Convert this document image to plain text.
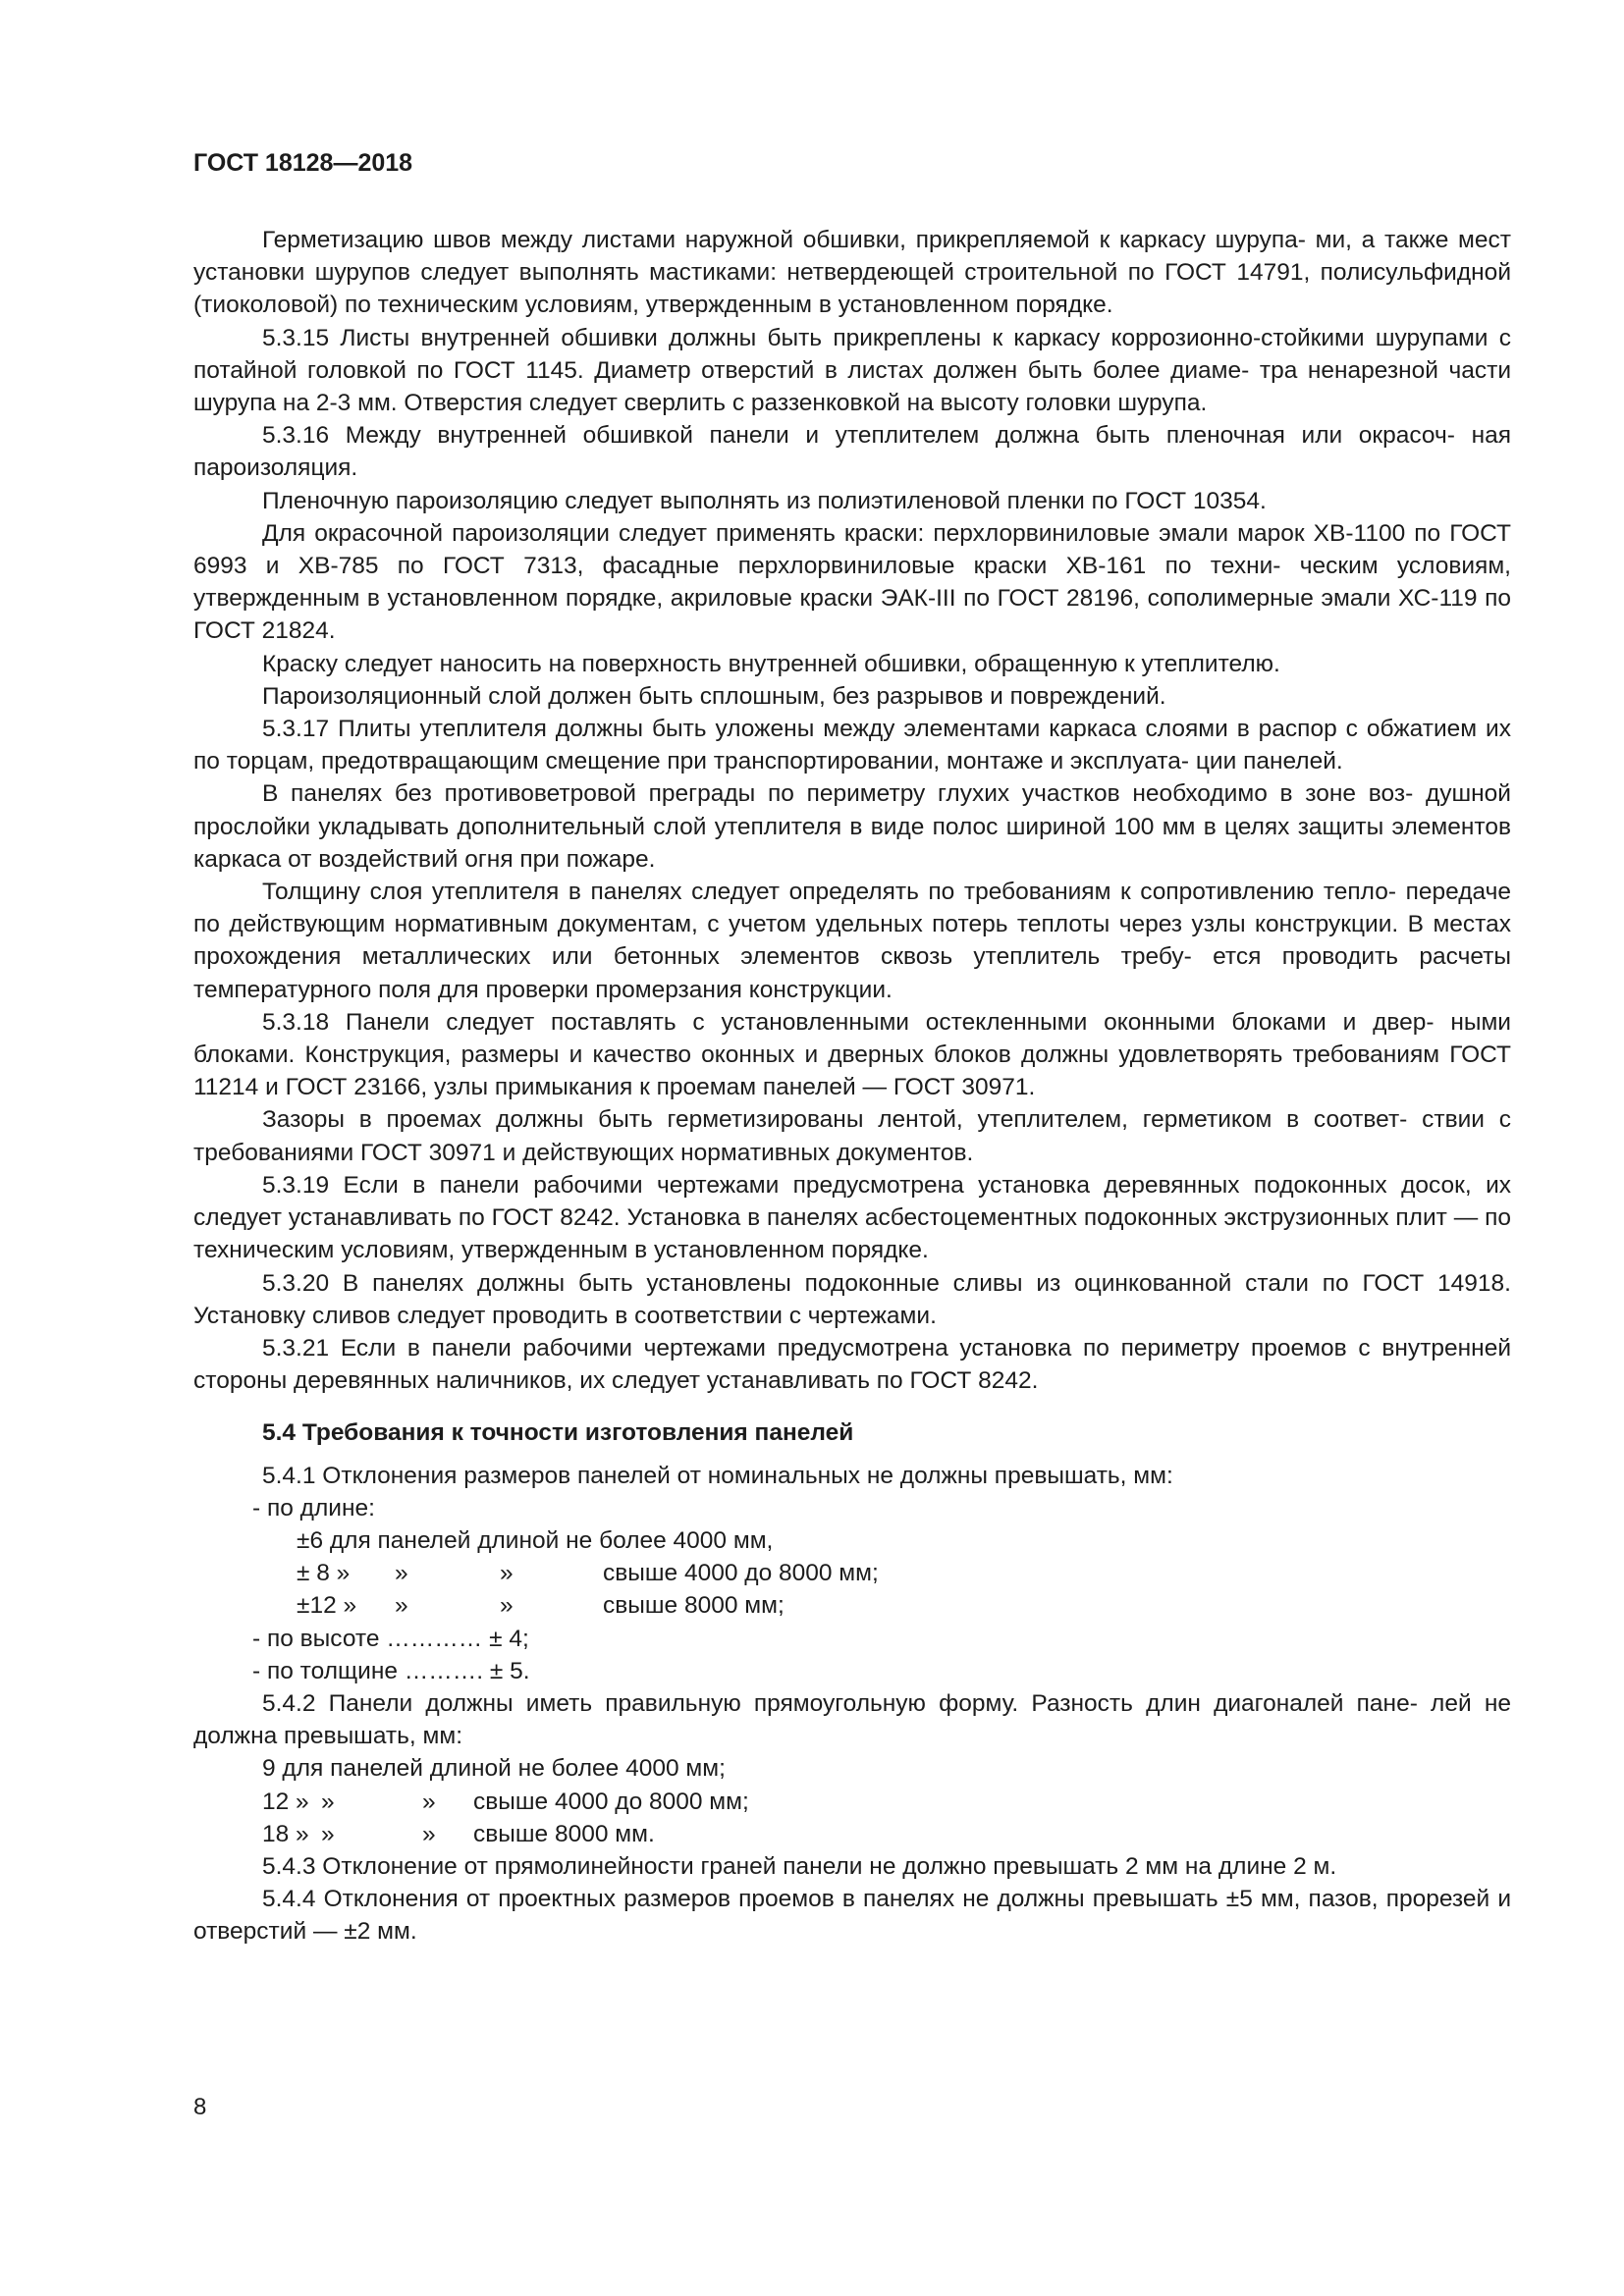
ГОСТ 18128—2018

Герметизацию швов между листами наружной обшивки, прикрепляемой к каркасу шурупа- ми, а также мест установки шурупов следует выполнять мастиками: нетвердеющей строительной по ГОСТ 14791, полисульфидной (тиоколовой) по техническим условиям, утвержденным в установленном порядке.

5.3.15 Листы внутренней обшивки должны быть прикреплены к каркасу коррозионно-стойкими шурупами с потайной головкой по ГОСТ 1145. Диаметр отверстий в листах должен быть более диаме- тра ненарезной части шурупа на 2-3 мм. Отверстия следует сверлить с раззенковкой на высоту головки шурупа.

5.3.16 Между внутренней обшивкой панели и утеплителем должна быть пленочная или окрасоч- ная пароизоляция.

Пленочную пароизоляцию следует выполнять из полиэтиленовой пленки по ГОСТ 10354.

Для окрасочной пароизоляции следует применять краски: перхлорвиниловые эмали марок ХВ-1100 по ГОСТ 6993 и ХВ-785 по ГОСТ 7313, фасадные перхлорвиниловые краски ХВ-161 по техни- ческим условиям, утвержденным в установленном порядке, акриловые краски ЭАК-III по ГОСТ 28196, сополимерные эмали ХС-119 по ГОСТ 21824.

Краску следует наносить на поверхность внутренней обшивки, обращенную к утеплителю.

Пароизоляционный слой должен быть сплошным, без разрывов и повреждений.

5.3.17 Плиты утеплителя должны быть уложены между элементами каркаса слоями в распор с обжатием их по торцам, предотвращающим смещение при транспортировании, монтаже и эксплуата- ции панелей.

В панелях без противоветровой преграды по периметру глухих участков необходимо в зоне воз- душной прослойки укладывать дополнительный слой утеплителя в виде полос шириной 100 мм в целях защиты элементов каркаса от воздействий огня при пожаре.

Толщину слоя утеплителя в панелях следует определять по требованиям к сопротивлению тепло- передаче по действующим нормативным документам, с учетом удельных потерь теплоты через узлы конструкции. В местах прохождения металлических или бетонных элементов сквозь утеплитель требу- ется проводить расчеты температурного поля для проверки промерзания конструкции.

5.3.18 Панели следует поставлять с установленными остекленными оконными блоками и двер- ными блоками. Конструкция, размеры и качество оконных и дверных блоков должны удовлетворять требованиям ГОСТ 11214 и ГОСТ 23166, узлы примыкания к проемам панелей — ГОСТ 30971.

Зазоры в проемах должны быть герметизированы лентой, утеплителем, герметиком в соответ- ствии с требованиями ГОСТ 30971 и действующих нормативных документов.

5.3.19 Если в панели рабочими чертежами предусмотрена установка деревянных подоконных досок, их следует устанавливать по ГОСТ 8242. Установка в панелях асбестоцементных подоконных экструзионных плит — по техническим условиям, утвержденным в установленном порядке.

5.3.20 В панелях должны быть установлены подоконные сливы из оцинкованной стали по ГОСТ 14918. Установку сливов следует проводить в соответствии с чертежами.

5.3.21 Если в панели рабочими чертежами предусмотрена установка по периметру проемов с внутренней стороны деревянных наличников, их следует устанавливать по ГОСТ 8242.

5.4 Требования к точности изготовления панелей

5.4.1 Отклонения размеров панелей от номинальных не должны превышать, мм:

- по длине:

±6 для панелей длиной не более 4000 мм,

± 8 » »	»	свыше 4000 до 8000 мм;

±12 » »	»	свыше 8000 мм;

- по высоте ………… ± 4;

- по толщине ………. ± 5.

5.4.2 Панели должны иметь правильную прямоугольную форму. Разность длин диагоналей пане- лей не должна превышать, мм:

9 для панелей длиной не более 4000 мм;

12 » »	» свыше 4000 до 8000 мм;

18 » »	» свыше 8000 мм.

5.4.3 Отклонение от прямолинейности граней панели не должно превышать 2 мм на длине 2 м.

5.4.4 Отклонения от проектных размеров проемов в панелях не должны превышать ±5 мм, пазов, прорезей и отверстий — ±2 мм.

8
